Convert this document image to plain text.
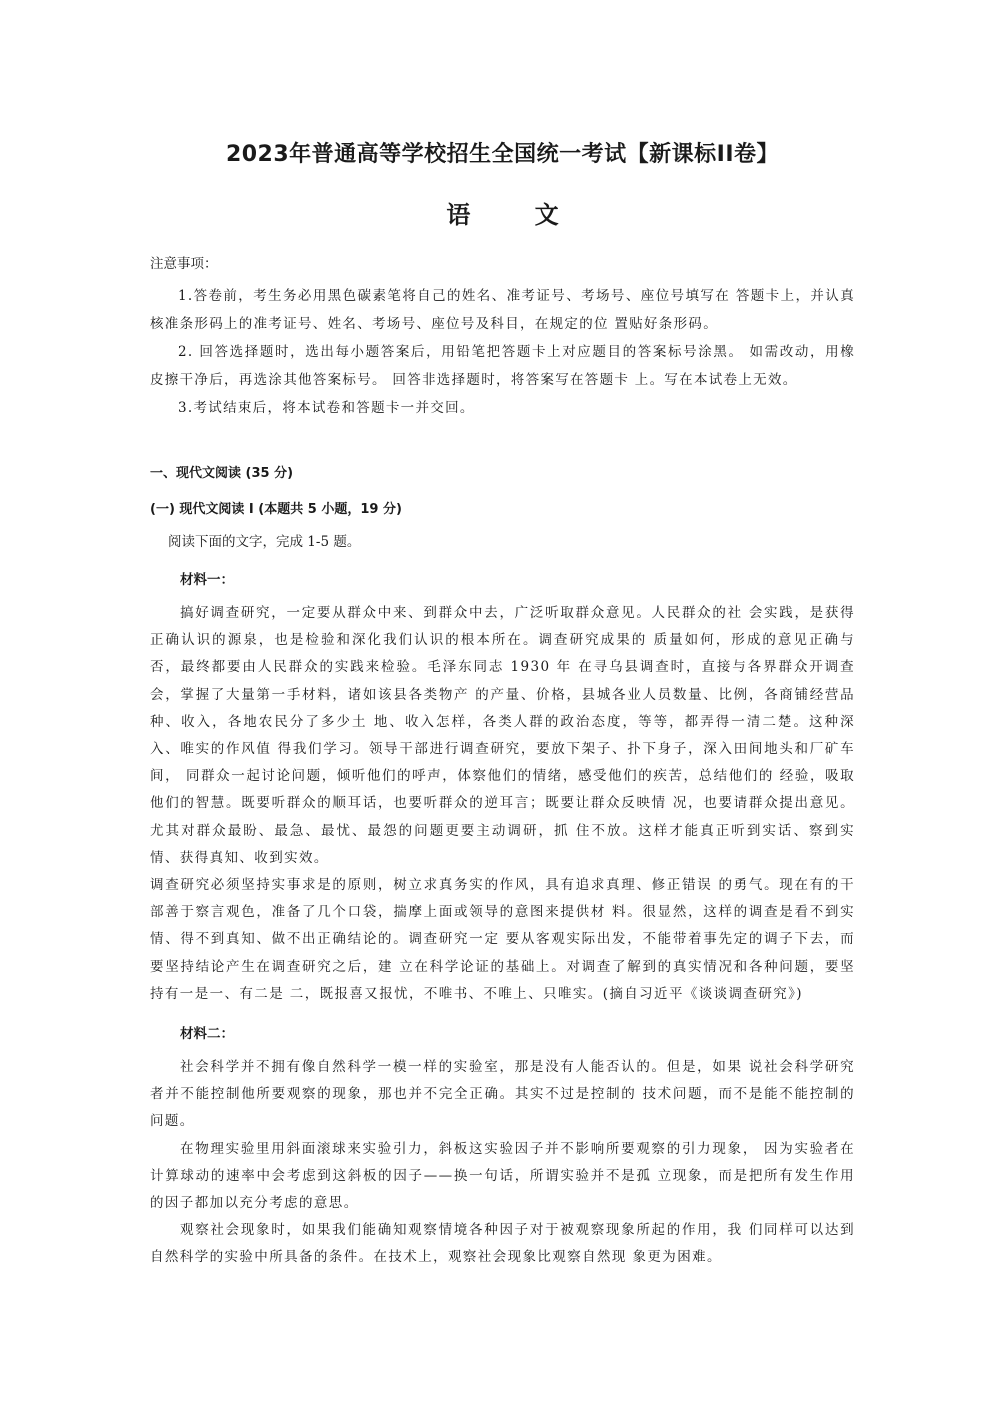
2023年普通高等学校招生全国统一考试【新课标II卷】
语 文
注意事项：

1.答卷前，考生务必用黑色碳素笔将自己的姓名、准考证号、考场号、座位号填写在 答题卡上，并认真核准条形码上的准考证号、姓名、考场号、座位号及科目，在规定的位 置贴好条形码。

2. 回答选择题时，选出每小题答案后，用铅笔把答题卡上对应题目的答案标号涂黑。 如需改动，用橡皮擦干净后，再选涂其他答案标号。 回答非选择题时，将答案写在答题卡 上。写在本试卷上无效。

3.考试结束后，将本试卷和答题卡一并交回。

一、现代文阅读 (35 分)
(一) 现代文阅读 I (本题共 5 小题，19 分)
阅读下面的文字，完成 1-5 题。
材料一：

搞好调查研究，一定要从群众中来、到群众中去，广泛听取群众意见。人民群众的社 会实践，是获得正确认识的源泉，也是检验和深化我们认识的根本所在。调查研究成果的 质量如何，形成的意见正确与否，最终都要由人民群众的实践来检验。毛泽东同志 1930 年 在寻乌县调查时，直接与各界群众开调查会，掌握了大量第一手材料，诸如该县各类物产 的产量、价格，县城各业人员数量、比例，各商铺经营品种、收入，各地农民分了多少土 地、收入怎样，各类人群的政治态度，等等，都弄得一清二楚。这种深入、唯实的作风值 得我们学习。领导干部进行调查研究，要放下架子、扑下身子，深入田间地头和厂矿车间， 同群众一起讨论问题，倾听他们的呼声，体察他们的情绪，感受他们的疾苦，总结他们的 经验，吸取他们的智慧。既要听群众的顺耳话，也要听群众的逆耳言；既要让群众反映情 况，也要请群众提出意见。尤其对群众最盼、最急、最忧、最怨的问题更要主动调研，抓 住不放。这样才能真正听到实话、察到实情、获得真知、收到实效。

调查研究必须坚持实事求是的原则，树立求真务实的作风，具有追求真理、修正错误 的勇气。现在有的干部善于察言观色，准备了几个口袋，揣摩上面或领导的意图来提供材 料。很显然，这样的调查是看不到实情、得不到真知、做不出正确结论的。调查研究一定 要从客观实际出发，不能带着事先定的调子下去，而要坚持结论产生在调查研究之后，建 立在科学论证的基础上。对调查了解到的真实情况和各种问题，要坚持有一是一、有二是 二，既报喜又报忧，不唯书、不唯上、只唯实。(摘自习近平《谈谈调查研究》)

材料二：

社会科学并不拥有像自然科学一模一样的实验室，那是没有人能否认的。但是，如果 说社会科学研究者并不能控制他所要观察的现象，那也并不完全正确。其实不过是控制的 技术问题，而不是能不能控制的问题。

在物理实验里用斜面滚球来实验引力，斜板这实验因子并不影响所要观察的引力现象， 因为实验者在计算球动的速率中会考虑到这斜板的因子——换一句话，所谓实验并不是孤 立现象，而是把所有发生作用的因子都加以充分考虑的意思。

观察社会现象时，如果我们能确知观察情境各种因子对于被观察现象所起的作用，我 们同样可以达到自然科学的实验中所具备的条件。在技术上，观察社会现象比观察自然现 象更为困难。
